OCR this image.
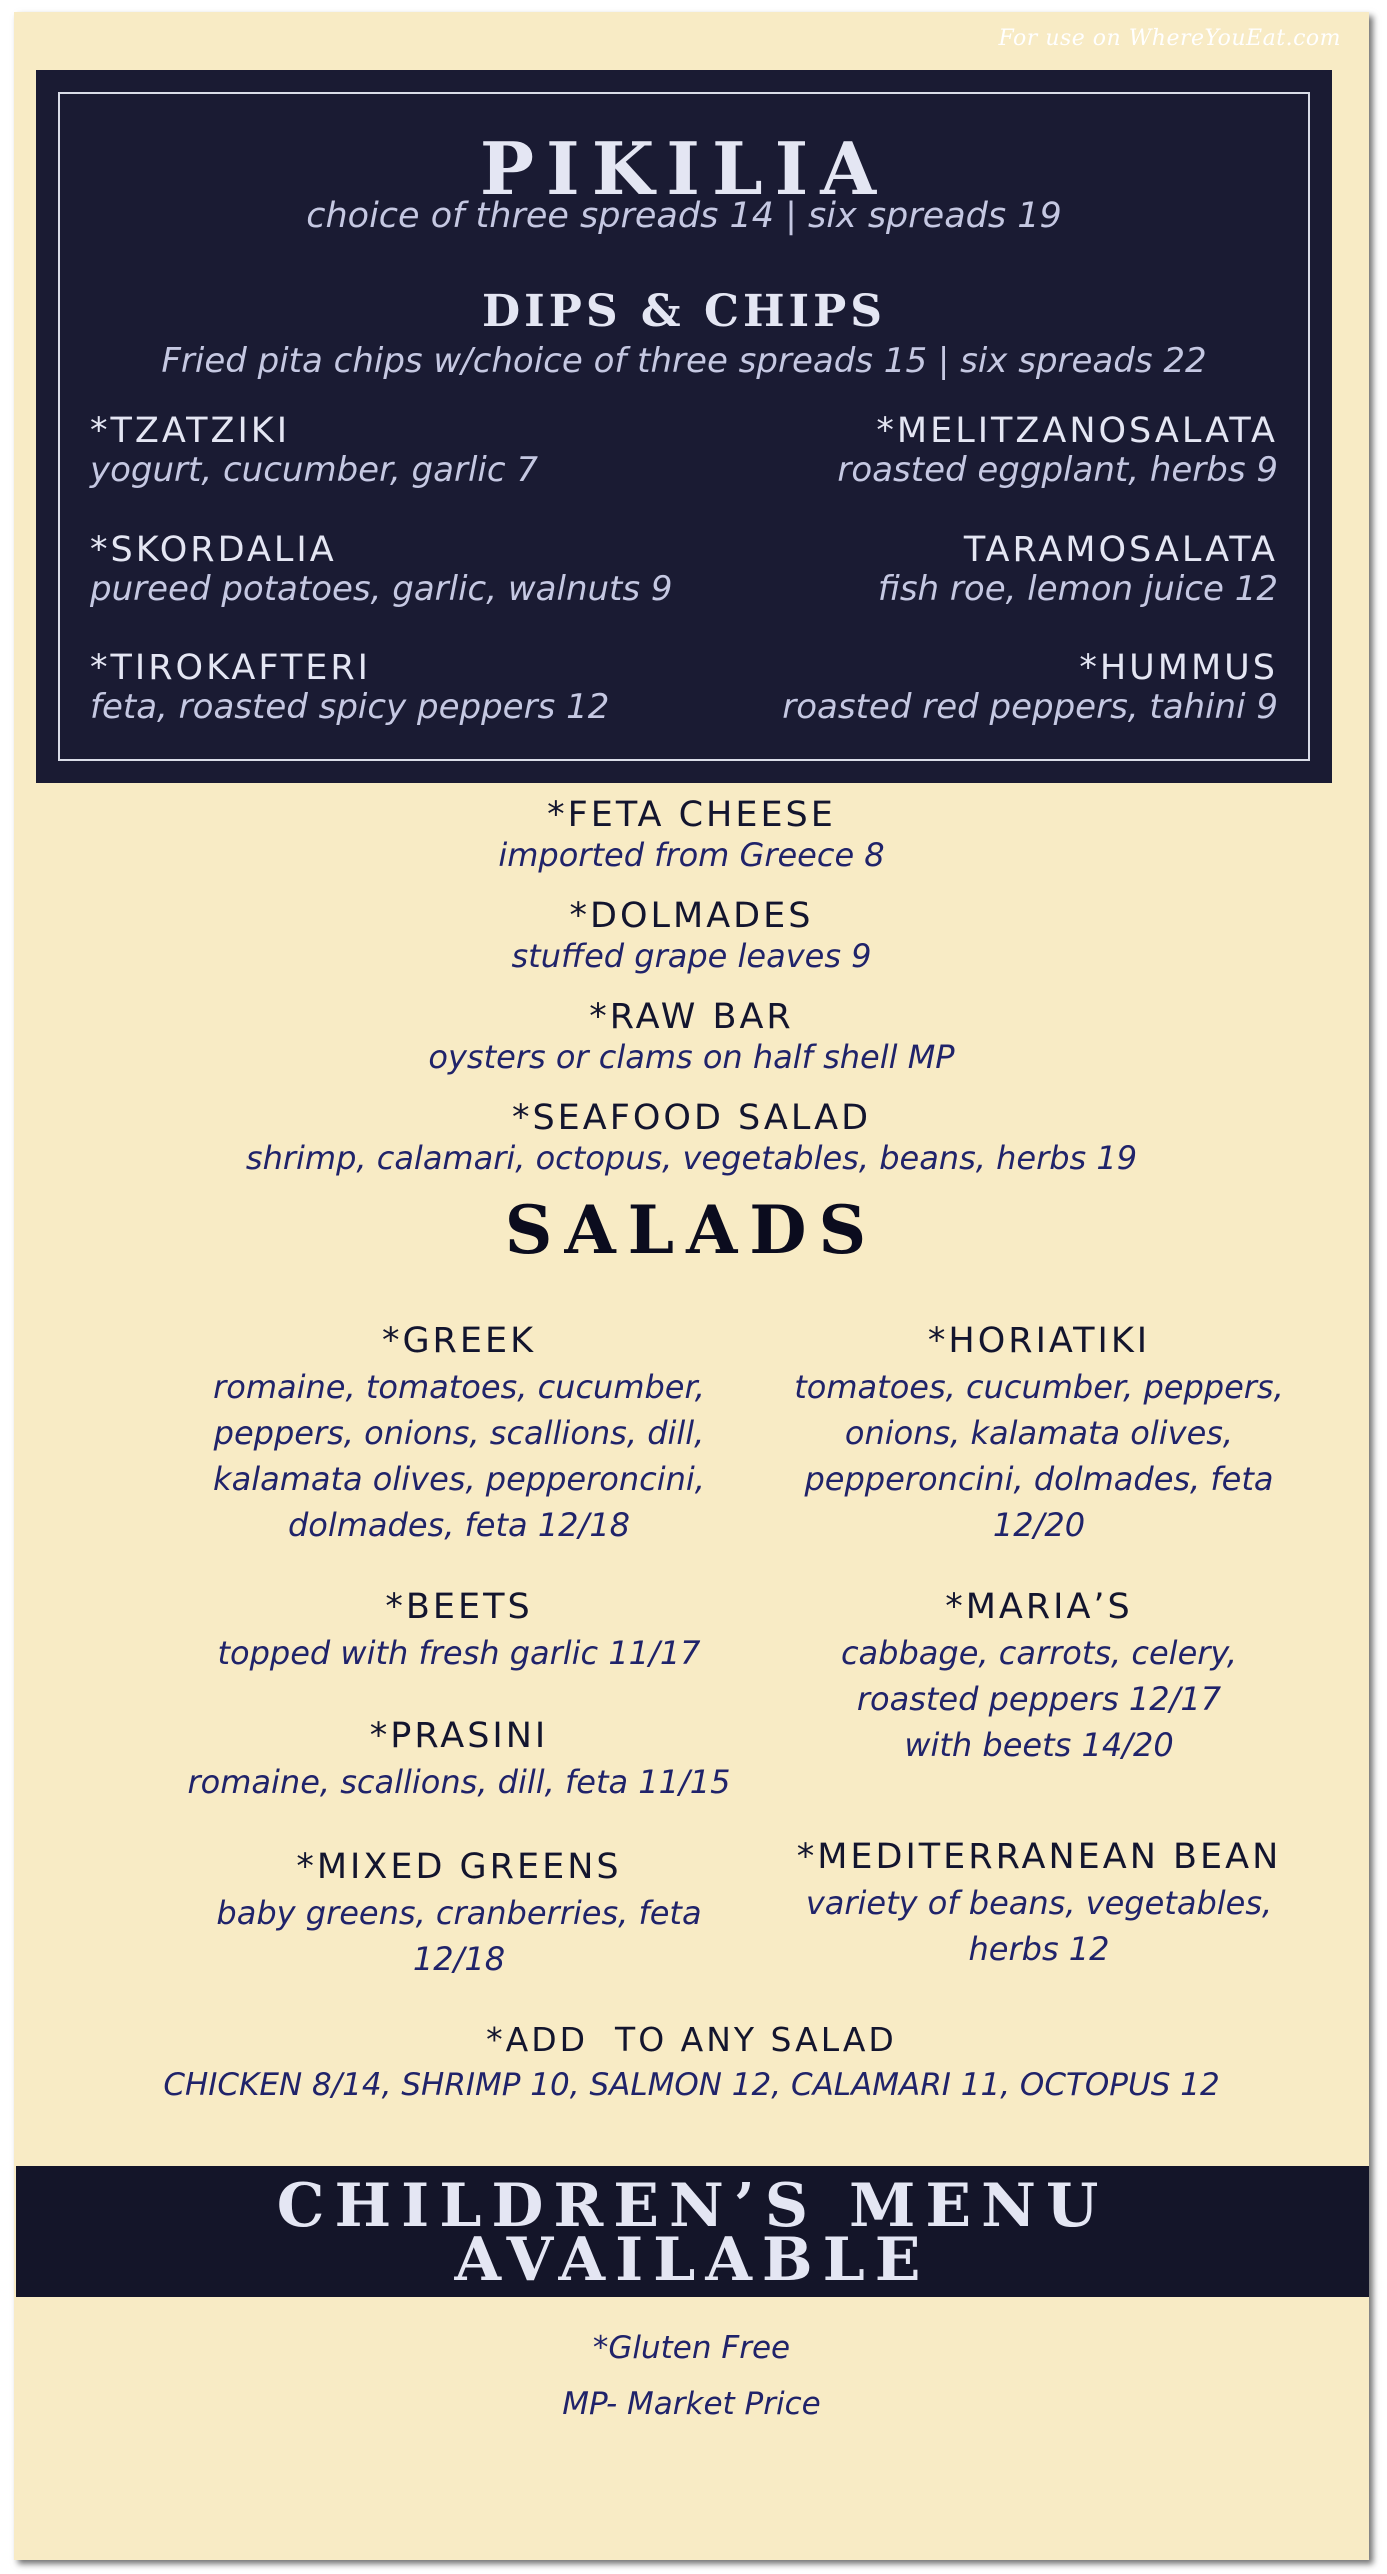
For use on WhereYouEat.com
PIKILIA
choice of three spreads 14 | six spreads 19
DIPS & CHIPS
Fried pita chips w/choice of three spreads 15 | six spreads 22
*TZATZIKI
yogurt, cucumber, garlic 7
*MELITZANOSALATA
roasted eggplant, herbs 9
*SKORDALIA
pureed potatoes, garlic, walnuts 9
TARAMOSALATA
fish roe, lemon juice 12
*TIROKAFTERI
feta, roasted spicy peppers 12
*HUMMUS
roasted red peppers, tahini 9
*FETA CHEESE
imported from Greece 8
*DOLMADES
stuffed grape leaves 9
*RAW BAR
oysters or clams on half shell MP
*SEAFOOD SALAD
shrimp, calamari, octopus, vegetables, beans, herbs 19
SALADS
*GREEK
romaine, tomatoes, cucumber,
peppers, onions, scallions, dill,
kalamata olives, pepperoncini,
dolmades, feta 12/18
*HORIATIKI
tomatoes, cucumber, peppers,
onions, kalamata olives,
pepperoncini, dolmades, feta
12/20
*BEETS
topped with fresh garlic 11/17
*MARIA’S
cabbage, carrots, celery,
roasted peppers 12/17
with beets 14/20
*PRASINI
romaine, scallions, dill, feta 11/15
*MIXED GREENS
baby greens, cranberries, feta
12/18
*MEDITERRANEAN BEAN
variety of beans, vegetables,
herbs 12
*ADD  TO ANY SALAD
CHICKEN 8/14, SHRIMP 10, SALMON 12, CALAMARI 11, OCTOPUS 12
CHILDREN’S MENU
AVAILABLE
*Gluten Free
MP- Market Price
